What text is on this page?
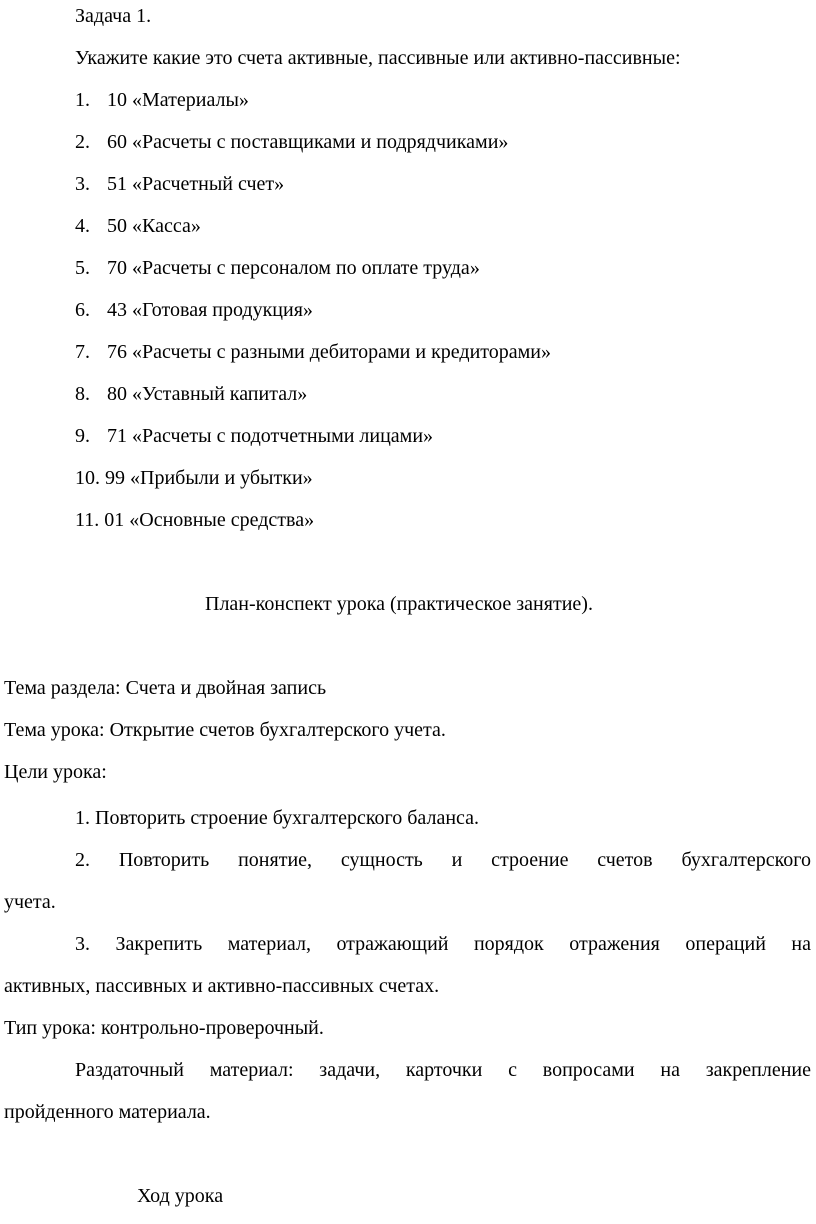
Задача 1.
Укажите какие это счета активные, пассивные или активно-пассивные:
1. 10 «Материалы»
2. 60 «Расчеты с поставщиками и подрядчиками»
3. 51 «Расчетный счет»
4. 50 «Касса»
5. 70 «Расчеты с персоналом по оплате труда»
6. 43 «Готовая продукция»
7. 76 «Расчеты с разными дебиторами и кредиторами»
8. 80 «Уставный капитал»
9. 71 «Расчеты с подотчетными лицами»
10. 99 «Прибыли и убытки»
11. 01 «Основные средства»
План-конспект урока (практическое занятие).
Тема раздела: Счета и двойная запись
Тема урока: Открытие счетов бухгалтерского учета.
Цели урока:
1. Повторить строение бухгалтерского баланса.
2. Повторить понятие, сущность и строение счетов бухгалтерского
учета.
3. Закрепить материал, отражающий порядок отражения операций на
активных, пассивных и активно-пассивных счетах.
Тип урока: контрольно-проверочный.
Раздаточный материал: задачи, карточки с вопросами на закрепление
пройденного материала.
Ход урока
